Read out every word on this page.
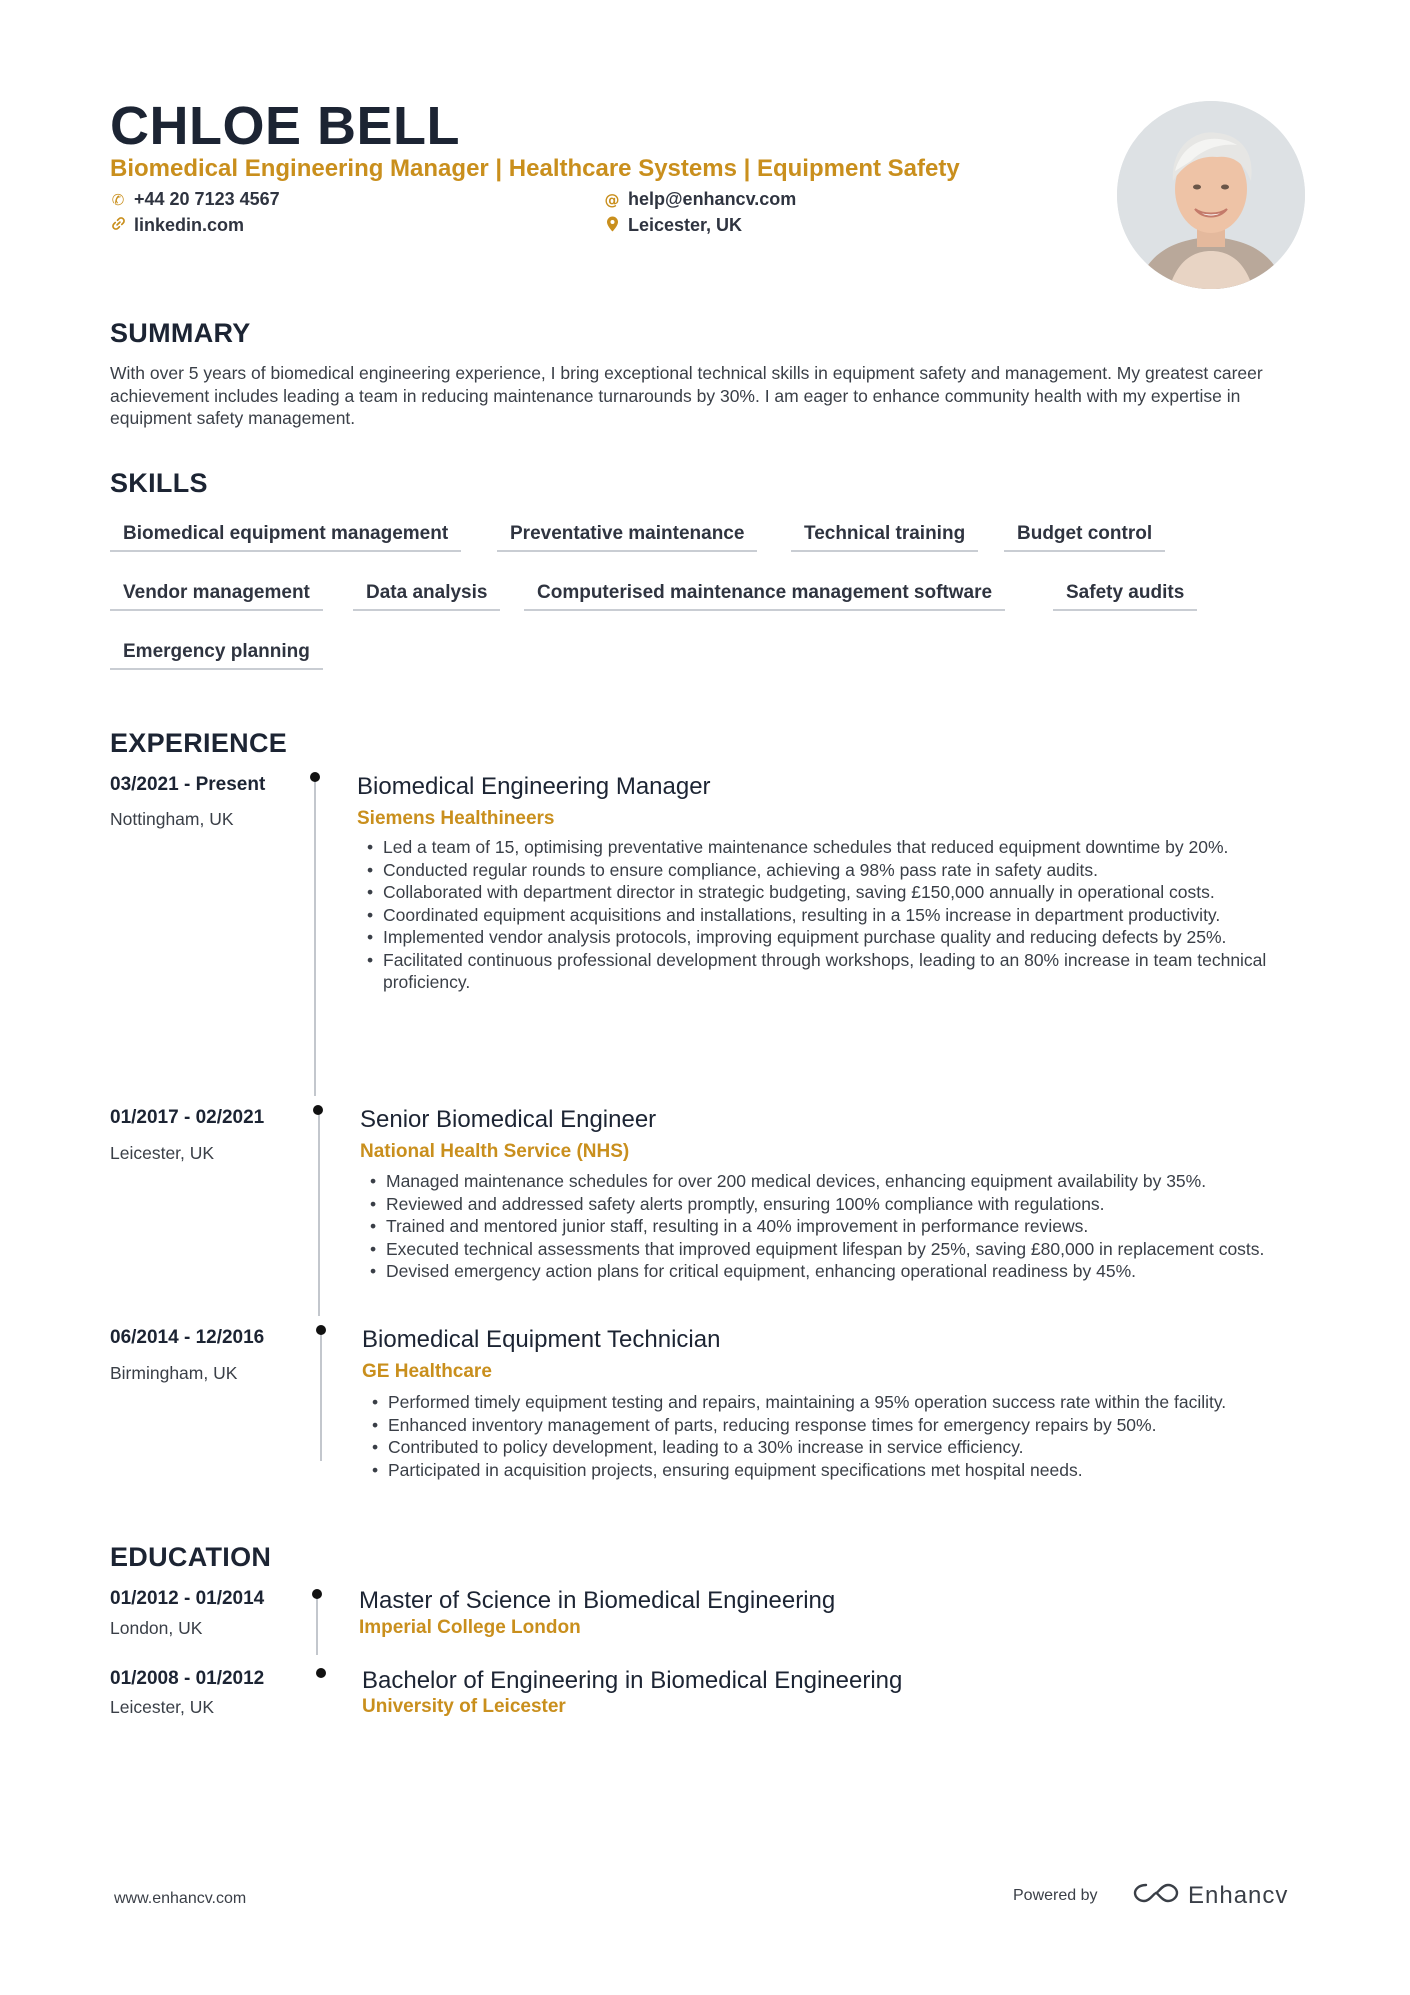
CHLOE BELL
Biomedical Engineering Manager | Healthcare Systems | Equipment Safety
✆ +44 20 7123 4567	@ help@enhancv.com
linkedin.com	Leicester, UK
SUMMARY
With over 5 years of biomedical engineering experience, I bring exceptional technical skills in equipment safety and management. My greatest career achievement includes leading a team in reducing maintenance turnarounds by 30%. I am eager to enhance community health with my expertise in equipment safety management.
SKILLS
Biomedical equipment management	Preventative maintenance	Technical training	Budget control
Vendor management	Data analysis	Computerised maintenance management software	Safety audits
Emergency planning
EXPERIENCE
03/2021 - Present
Nottingham, UK
Biomedical Engineering Manager
Siemens Healthineers
• Led a team of 15, optimising preventative maintenance schedules that reduced equipment downtime by 20%.
• Conducted regular rounds to ensure compliance, achieving a 98% pass rate in safety audits.
• Collaborated with department director in strategic budgeting, saving £150,000 annually in operational costs.
• Coordinated equipment acquisitions and installations, resulting in a 15% increase in department productivity.
• Implemented vendor analysis protocols, improving equipment purchase quality and reducing defects by 25%.
• Facilitated continuous professional development through workshops, leading to an 80% increase in team technical proficiency.
01/2017 - 02/2021
Leicester, UK
Senior Biomedical Engineer
National Health Service (NHS)
• Managed maintenance schedules for over 200 medical devices, enhancing equipment availability by 35%.
• Reviewed and addressed safety alerts promptly, ensuring 100% compliance with regulations.
• Trained and mentored junior staff, resulting in a 40% improvement in performance reviews.
• Executed technical assessments that improved equipment lifespan by 25%, saving £80,000 in replacement costs.
• Devised emergency action plans for critical equipment, enhancing operational readiness by 45%.
06/2014 - 12/2016
Birmingham, UK
Biomedical Equipment Technician
GE Healthcare
• Performed timely equipment testing and repairs, maintaining a 95% operation success rate within the facility.
• Enhanced inventory management of parts, reducing response times for emergency repairs by 50%.
• Contributed to policy development, leading to a 30% increase in service efficiency.
• Participated in acquisition projects, ensuring equipment specifications met hospital needs.
EDUCATION
01/2012 - 01/2014
London, UK
Master of Science in Biomedical Engineering
Imperial College London
01/2008 - 01/2012
Leicester, UK
Bachelor of Engineering in Biomedical Engineering
University of Leicester
www.enhancv.com	Powered by	Enhancv
